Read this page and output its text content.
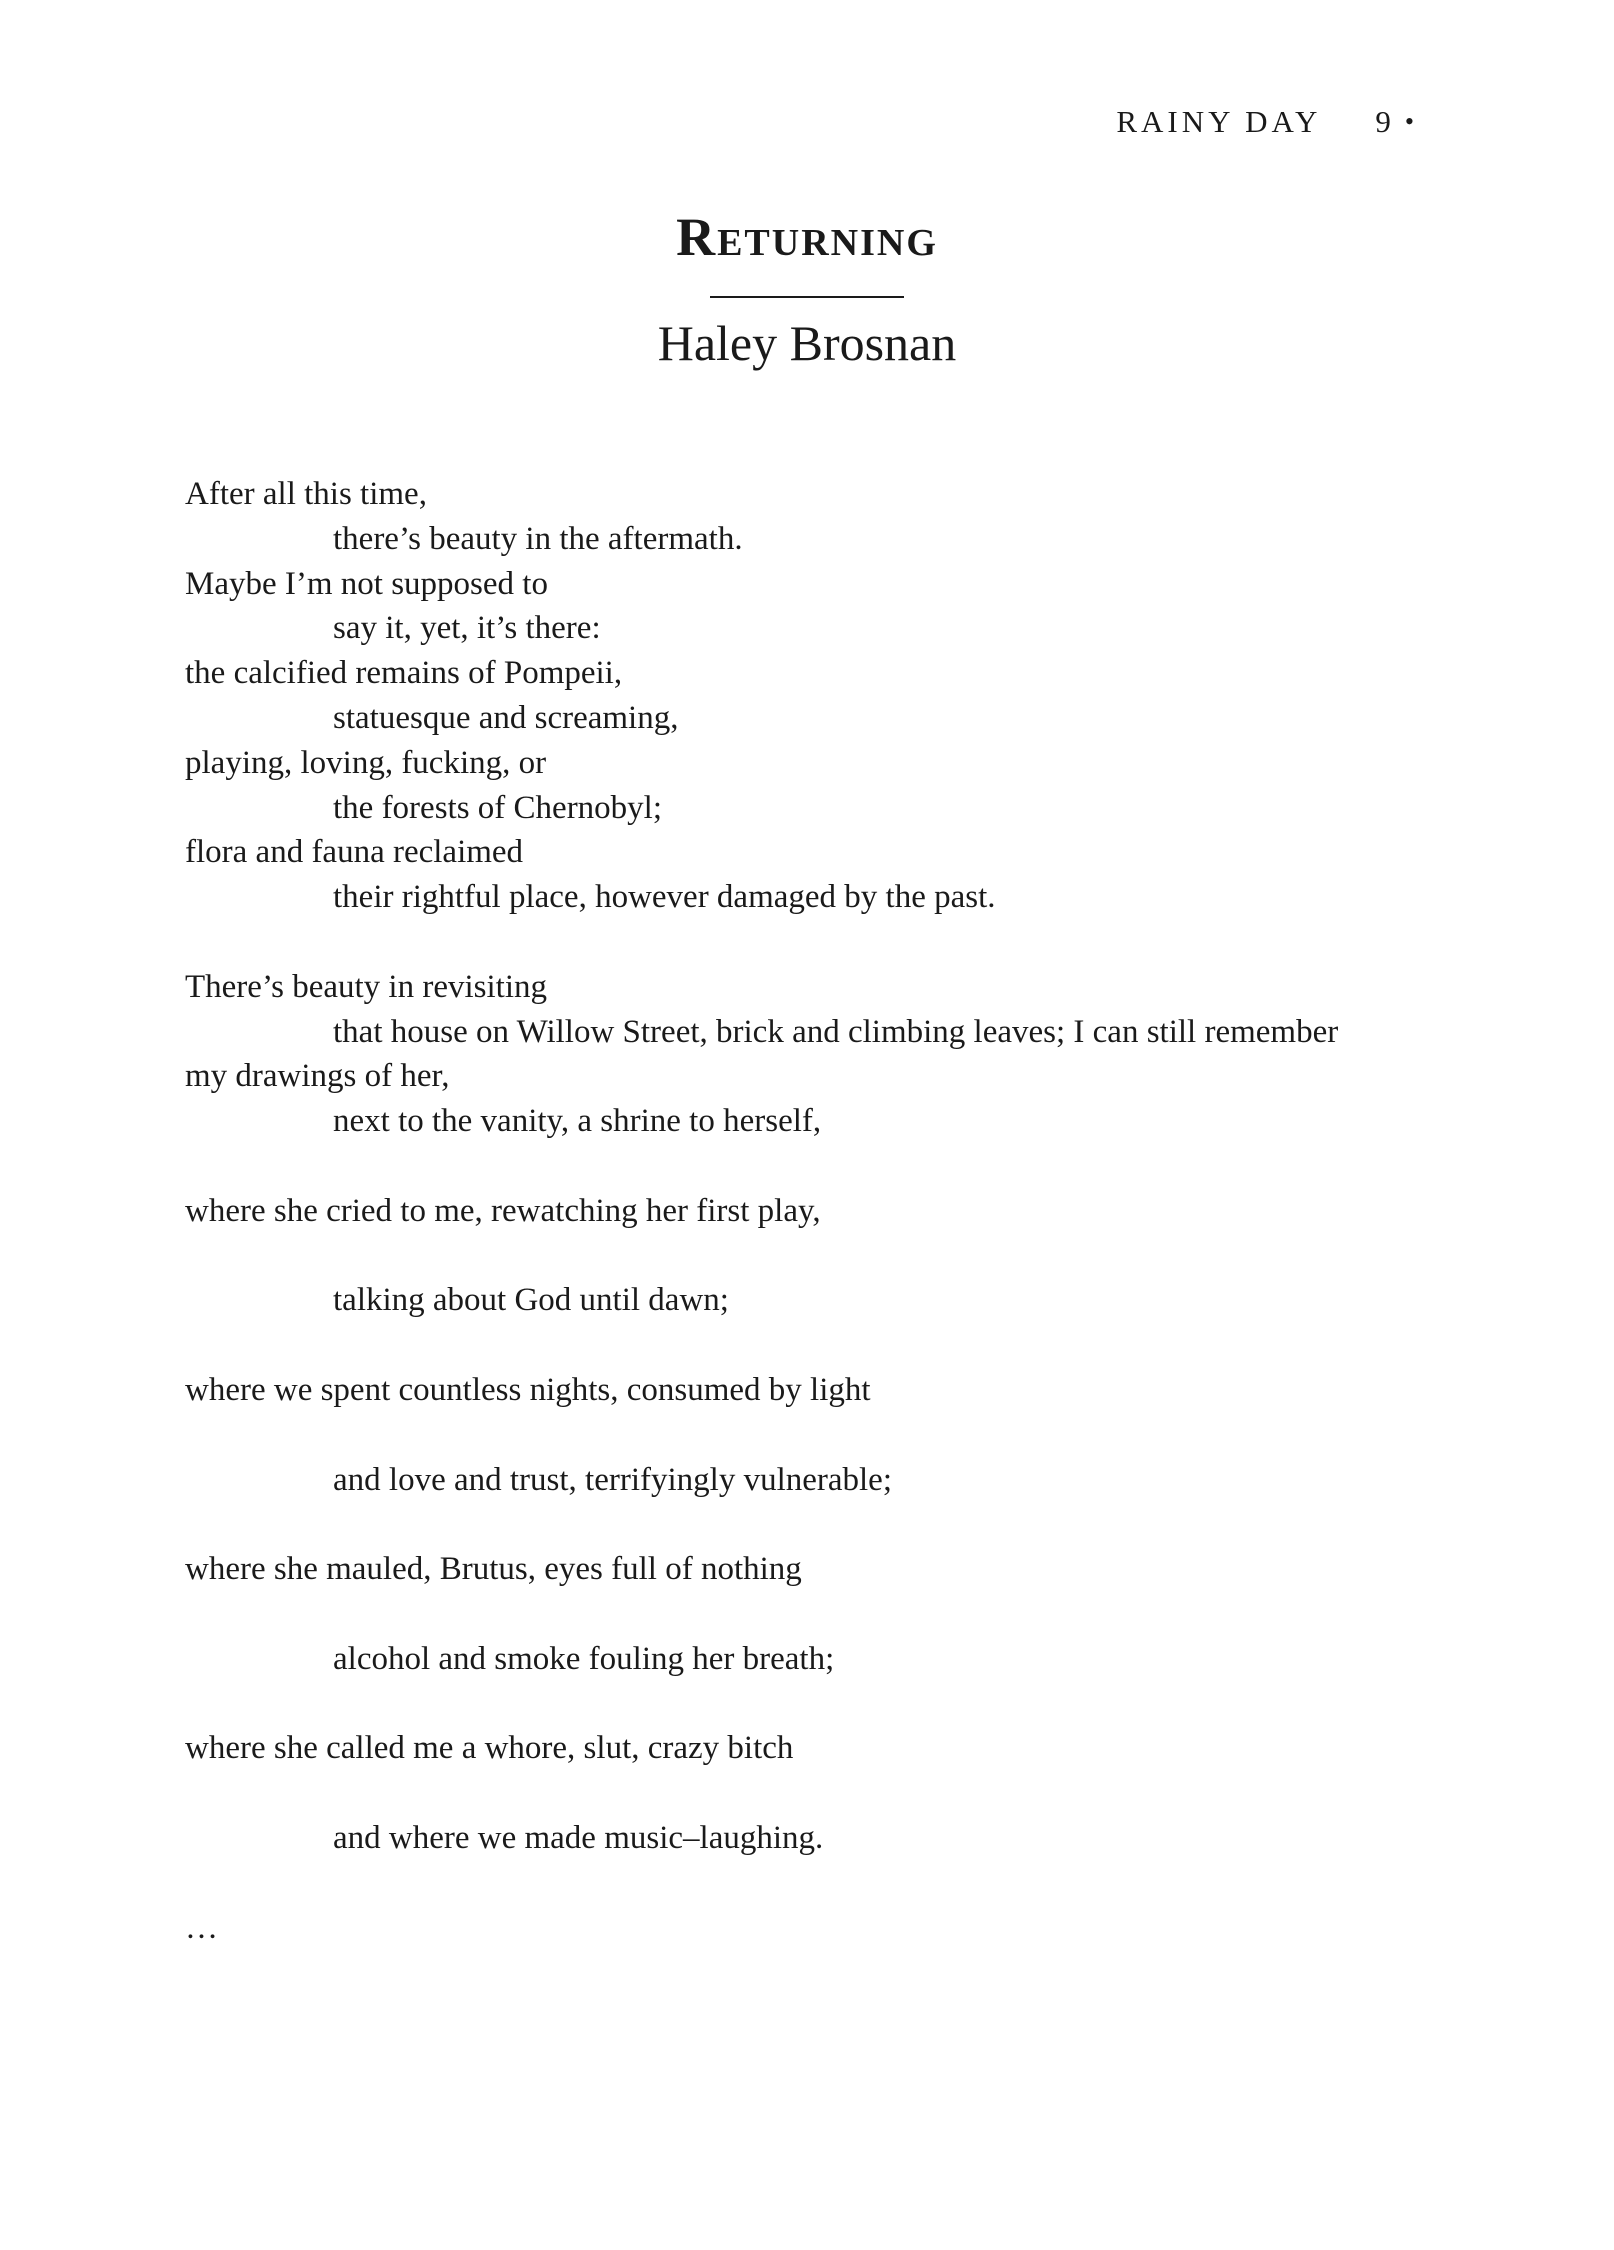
RAINY DAY 9 •
Returning
Haley Brosnan
After all this time,
there’s beauty in the aftermath.
Maybe I’m not supposed to
say it, yet, it’s there:
the calcified remains of Pompeii,
statuesque and screaming,
playing, loving, fucking, or
the forests of Chernobyl;
flora and fauna reclaimed
their rightful place, however damaged by the past.
There’s beauty in revisiting
that house on Willow Street, brick and climbing leaves; I can still remember
my drawings of her,
next to the vanity, a shrine to herself,
where she cried to me, rewatching her first play,
talking about God until dawn;
where we spent countless nights, consumed by light
and love and trust, terrifyingly vulnerable;
where she mauled, Brutus, eyes full of nothing
alcohol and smoke fouling her breath;
where she called me a whore, slut, crazy bitch
and where we made music–laughing.
…
